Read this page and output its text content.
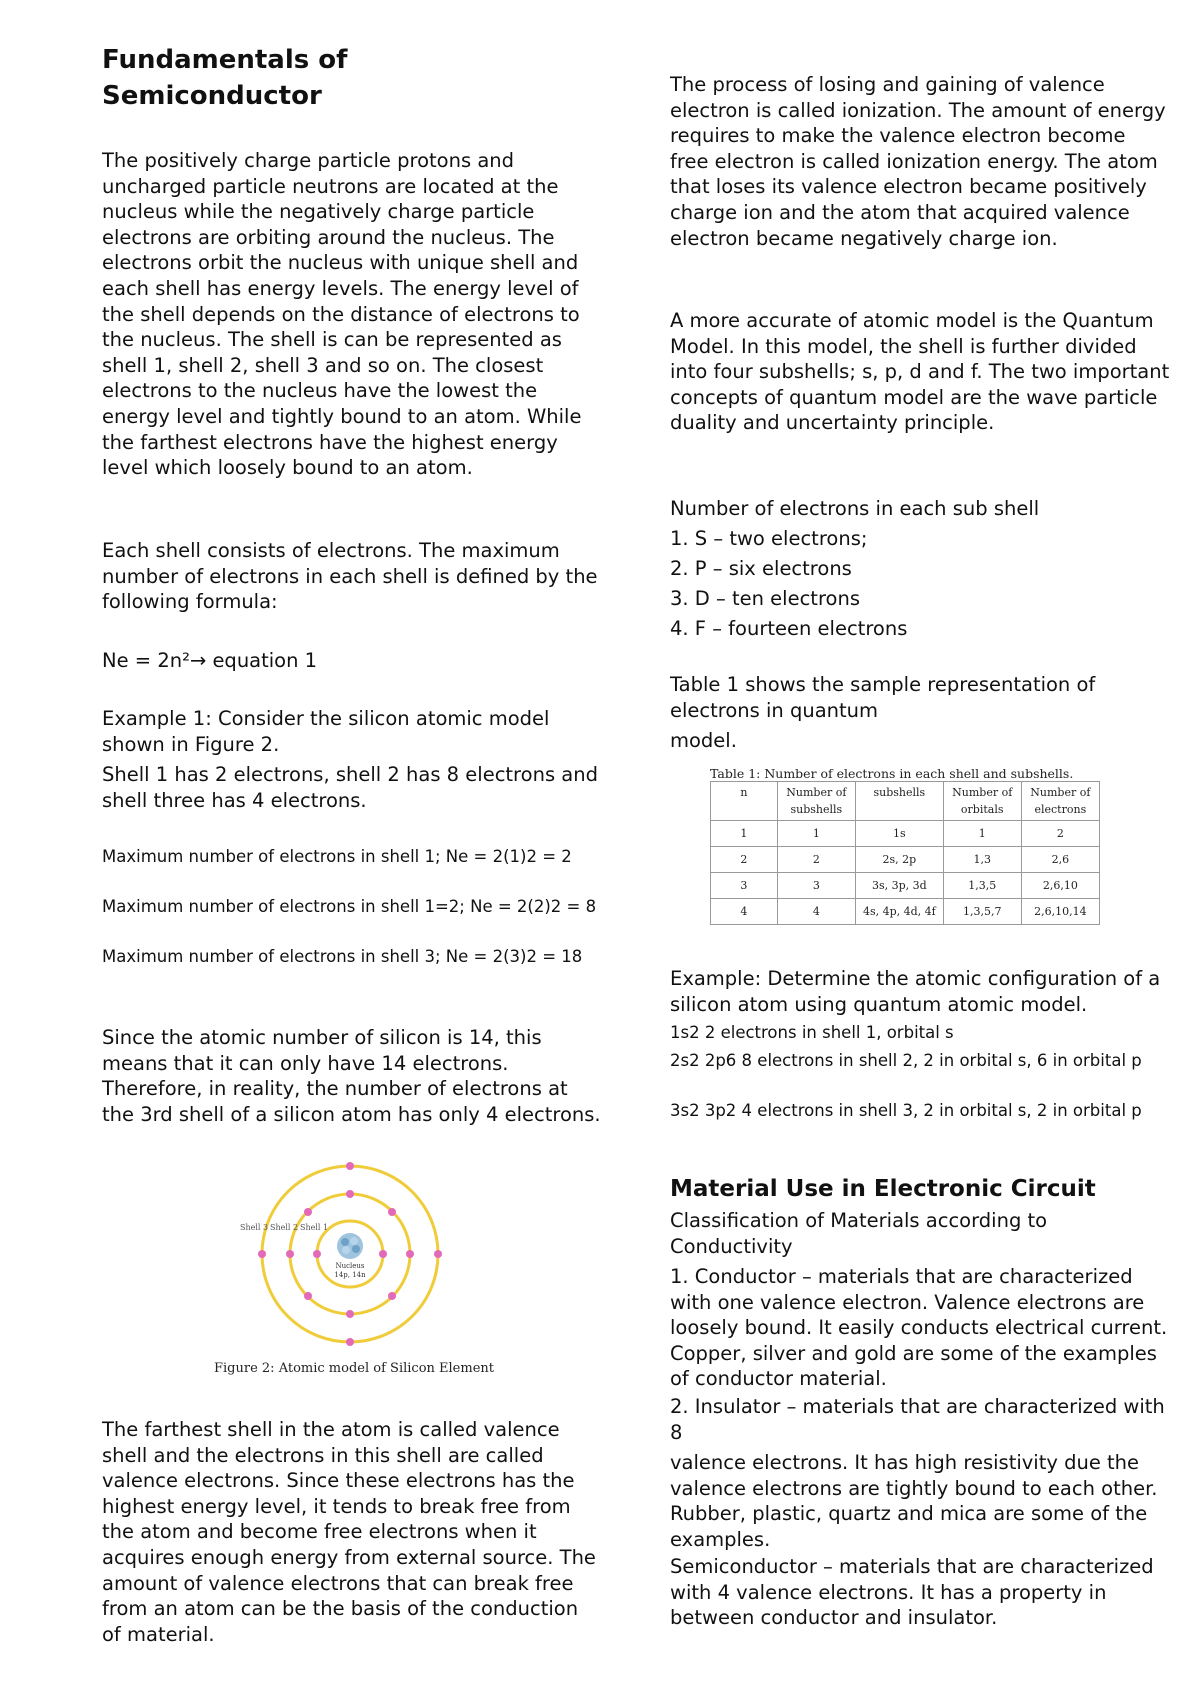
Fundamentals of Semiconductor

The positively charge particle protons and uncharged particle neutrons are located at the nucleus while the negatively charge particle electrons are orbiting around the nucleus. The electrons orbit the nucleus with unique shell and each shell has energy levels. The energy level of the shell depends on the distance of electrons to the nucleus. The shell is can be represented as shell 1, shell 2, shell 3 and so on. The closest electrons to the nucleus have the lowest the energy level and tightly bound to an atom. While the farthest electrons have the highest energy level which loosely bound to an atom.

Each shell consists of electrons. The maximum number of electrons in each shell is defined by the following formula:

Ne = 2n²→ equation 1

Example 1: Consider the silicon atomic model shown in Figure 2.

Shell 1 has 2 electrons, shell 2 has 8 electrons and shell three has 4 electrons.

Maximum number of electrons in shell 1; Ne = 2(1)2 = 2

Maximum number of electrons in shell 1=2; Ne = 2(2)2 = 8

Maximum number of electrons in shell 3; Ne = 2(3)2 = 18

Since the atomic number of silicon is 14, this means that it can only have 14 electrons. Therefore, in reality, the number of electrons at the 3rd shell of a silicon atom has only 4 electrons.

Nucleus
14p, 14n
Shell 3 Shell 2 Shell 1
Figure 2: Atomic model of Silicon Element

The farthest shell in the atom is called valence shell and the electrons in this shell are called valence electrons. Since these electrons has the highest energy level, it tends to break free from the atom and become free electrons when it acquires enough energy from external source. The amount of valence electrons that can break free from an atom can be the basis of the conduction of material.

The process of losing and gaining of valence electron is called ionization. The amount of energy requires to make the valence electron become free electron is called ionization energy. The atom that loses its valence electron became positively charge ion and the atom that acquired valence electron became negatively charge ion.

A more accurate of atomic model is the Quantum Model. In this model, the shell is further divided into four subshells; s, p, d and f. The two important concepts of quantum model are the wave particle duality and uncertainty principle.

Number of electrons in each sub shell

1. S – two electrons;

2. P – six electrons

3. D – ten electrons

4. F – fourteen electrons

Table 1 shows the sample representation of electrons in quantum

model.

Table 1: Number of electrons in each shell and subshells.
n	Number of subshells	subshells	Number of orbitals	Number of electrons
1	1	1s	1	2
2	2	2s, 2p	1,3	2,6
3	3	3s, 3p, 3d	1,3,5	2,6,10
4	4	4s, 4p, 4d, 4f	1,3,5,7	2,6,10,14

Example: Determine the atomic configuration of a silicon atom using quantum atomic model.

1s2 2 electrons in shell 1, orbital s

2s2 2p6 8 electrons in shell 2, 2 in orbital s, 6 in orbital p

3s2 3p2 4 electrons in shell 3, 2 in orbital s, 2 in orbital p

Material Use in Electronic Circuit

Classification of Materials according to Conductivity

1. Conductor – materials that are characterized with one valence electron. Valence electrons are loosely bound. It easily conducts electrical current. Copper, silver and gold are some of the examples of conductor material.

2. Insulator – materials that are characterized with 8

valence electrons. It has high resistivity due the valence electrons are tightly bound to each other. Rubber, plastic, quartz and mica are some of the examples.

Semiconductor – materials that are characterized with 4 valence electrons. It has a property in between conductor and insulator.
